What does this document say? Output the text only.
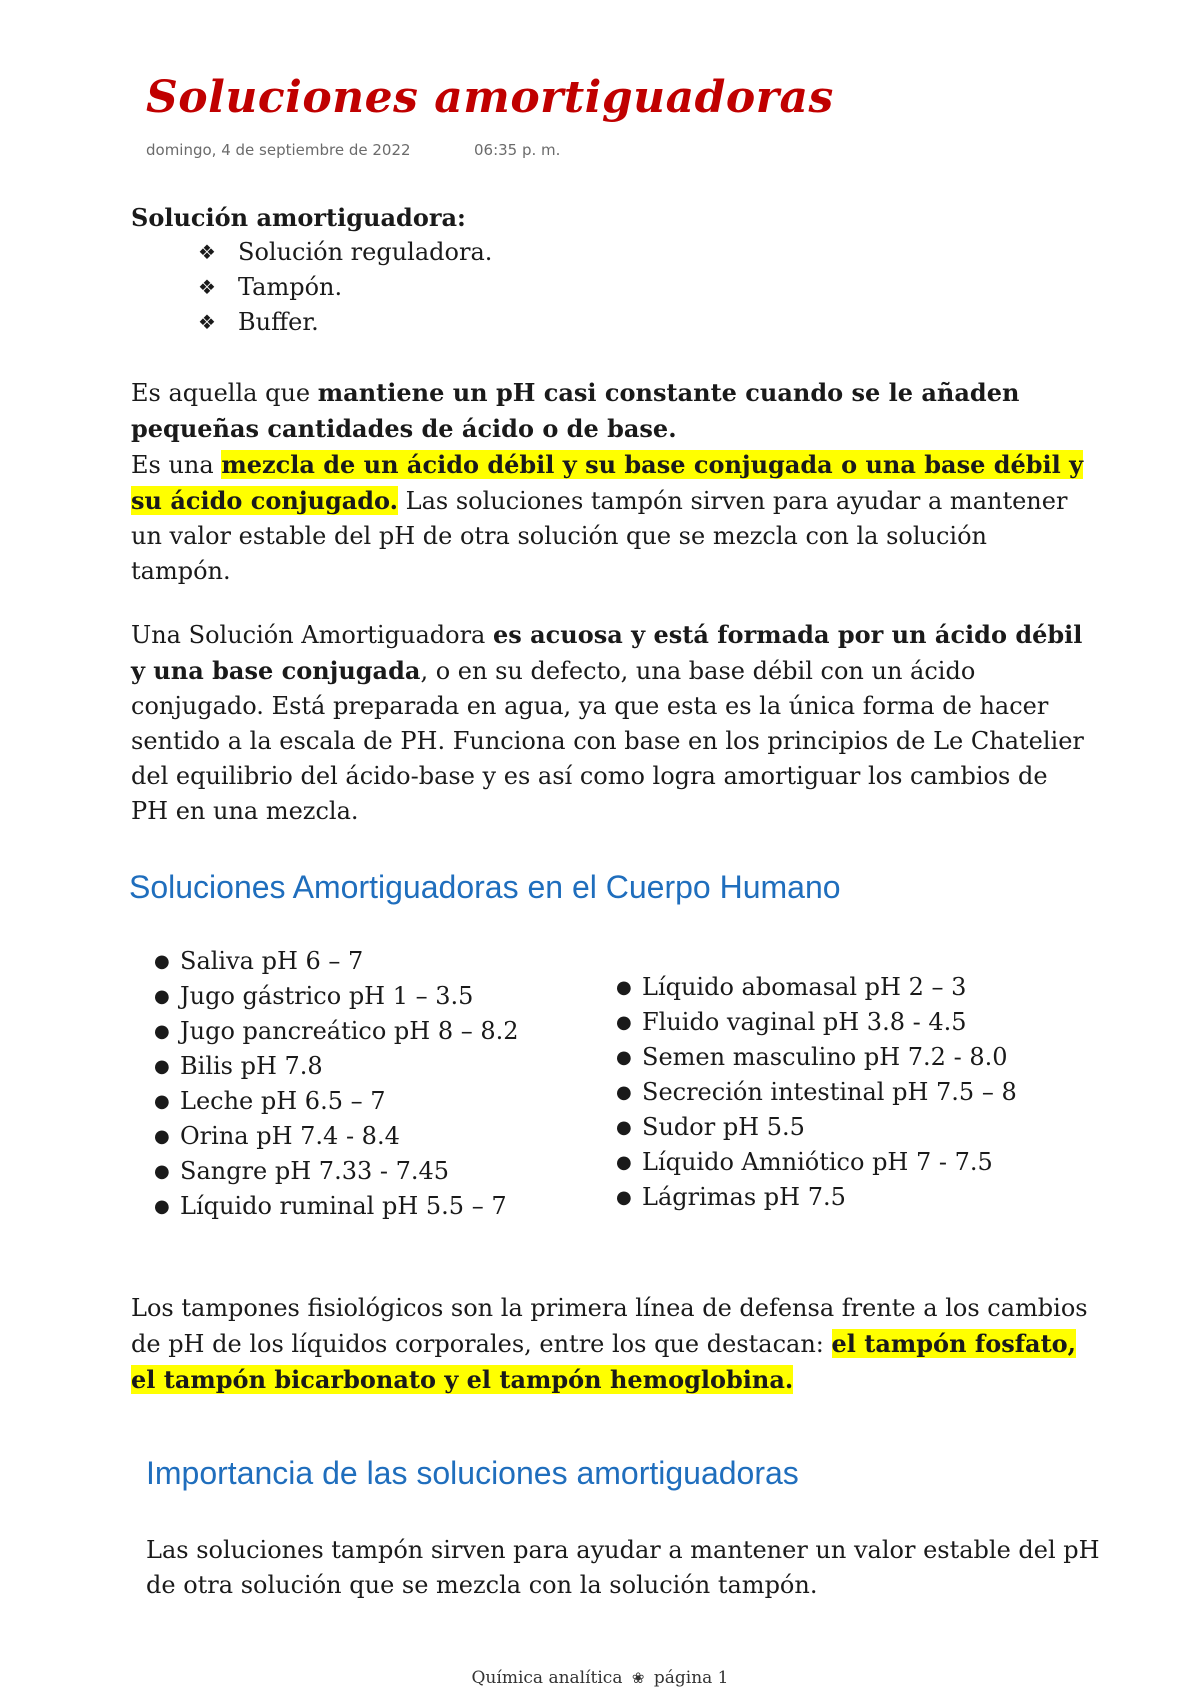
Soluciones amortiguadoras
domingo, 4 de septiembre de 2022	06:35 p. m.
Solución amortiguadora:
❖ Solución reguladora.
❖ Tampón.
❖ Buffer.

Es aquella que mantiene un pH casi constante cuando se le añaden pequeñas cantidades de ácido o de base.

Es una mezcla de un ácido débil y su base conjugada o una base débil y su ácido conjugado. Las soluciones tampón sirven para ayudar a mantener un valor estable del pH de otra solución que se mezcla con la solución tampón.

Una Solución Amortiguadora es acuosa y está formada por un ácido débil y una base conjugada, o en su defecto, una base débil con un ácido conjugado. Está preparada en agua, ya que esta es la única forma de hacer sentido a la escala de PH. Funciona con base en los principios de Le Chatelier del equilibrio del ácido-base y es así como logra amortiguar los cambios de PH en una mezcla.

Soluciones Amortiguadoras en el Cuerpo Humano
● Saliva pH 6 – 7
● Jugo gástrico pH 1 – 3.5
● Jugo pancreático pH 8 – 8.2
● Bilis pH 7.8
● Leche pH 6.5 – 7
● Orina pH 7.4 - 8.4
● Sangre pH 7.33 - 7.45
● Líquido ruminal pH 5.5 – 7
● Líquido abomasal pH 2 – 3
● Fluido vaginal pH 3.8 - 4.5
● Semen masculino pH 7.2 - 8.0
● Secreción intestinal pH 7.5 – 8
● Sudor pH 5.5
● Líquido Amniótico pH 7 - 7.5
● Lágrimas pH 7.5

Los tampones fisiológicos son la primera línea de defensa frente a los cambios de pH de los líquidos corporales, entre los que destacan: el tampón fosfato, el tampón bicarbonato y el tampón hemoglobina.

Importancia de las soluciones amortiguadoras

Las soluciones tampón sirven para ayudar a mantener un valor estable del pH de otra solución que se mezcla con la solución tampón.

Química analítica ❀ página 1
